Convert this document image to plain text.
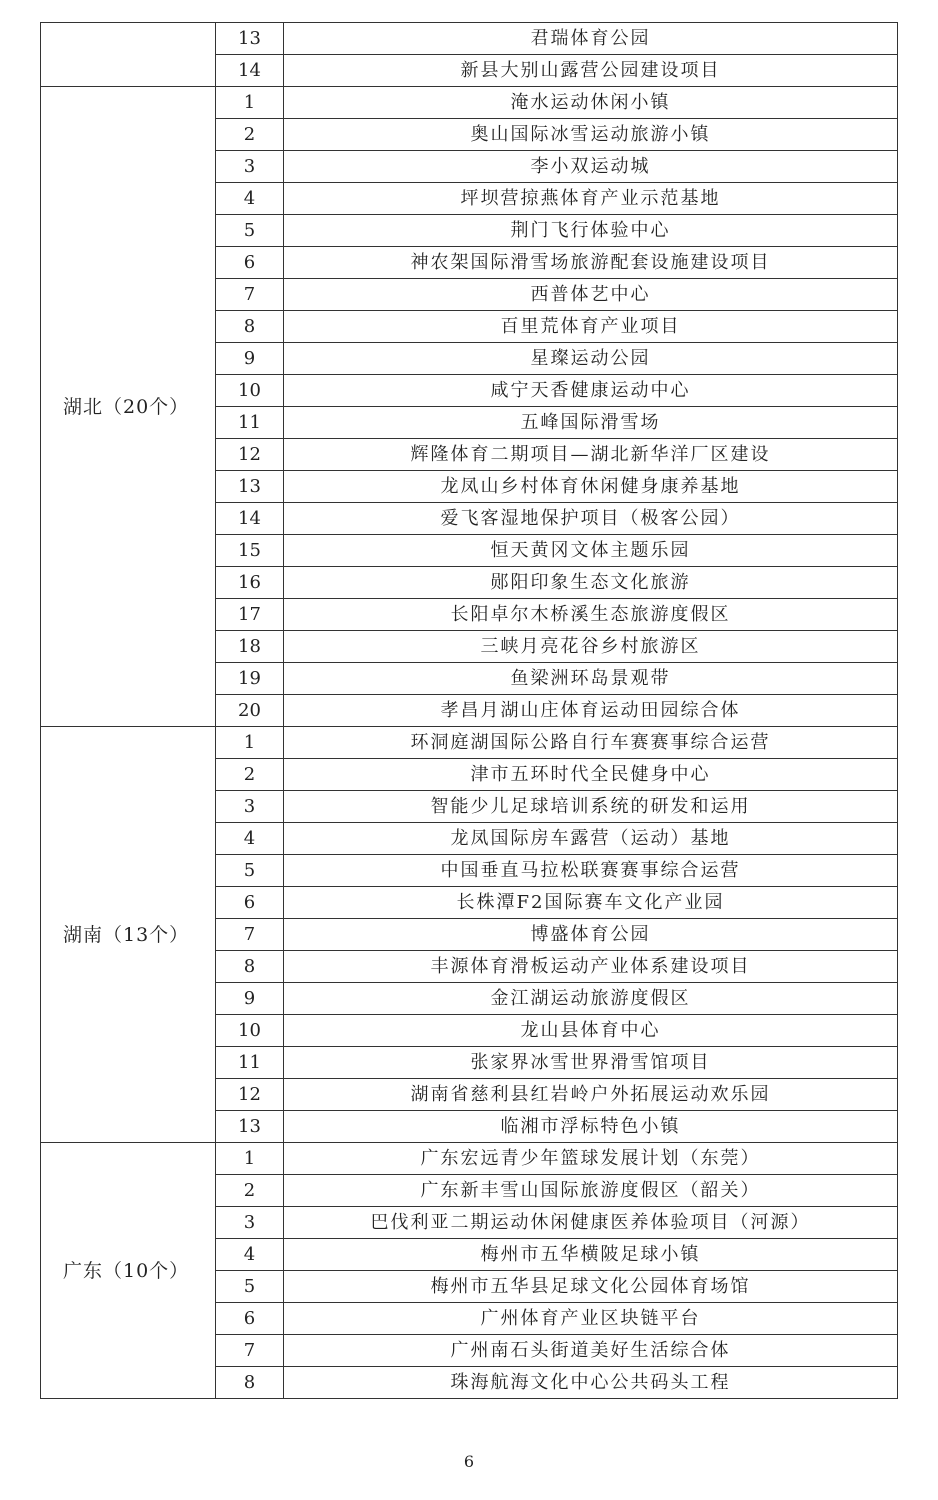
	13	君瑞体育公园
	14	新县大别山露营公园建设项目
湖北（20个）	1	淹水运动休闲小镇
	2	奥山国际冰雪运动旅游小镇
	3	李小双运动城
	4	坪坝营掠燕体育产业示范基地
	5	荆门飞行体验中心
	6	神农架国际滑雪场旅游配套设施建设项目
	7	西普体艺中心
	8	百里荒体育产业项目
	9	星璨运动公园
	10	咸宁天香健康运动中心
	11	五峰国际滑雪场
	12	辉隆体育二期项目—湖北新华洋厂区建设
	13	龙凤山乡村体育休闲健身康养基地
	14	爱飞客湿地保护项目（极客公园）
	15	恒天黄冈文体主题乐园
	16	郧阳印象生态文化旅游
	17	长阳卓尔木桥溪生态旅游度假区
	18	三峡月亮花谷乡村旅游区
	19	鱼梁洲环岛景观带
	20	孝昌月湖山庄体育运动田园综合体
湖南（13个）	1	环洞庭湖国际公路自行车赛赛事综合运营
	2	津市五环时代全民健身中心
	3	智能少儿足球培训系统的研发和运用
	4	龙凤国际房车露营（运动）基地
	5	中国垂直马拉松联赛赛事综合运营
	6	长株潭F2国际赛车文化产业园
	7	博盛体育公园
	8	丰源体育滑板运动产业体系建设项目
	9	金江湖运动旅游度假区
	10	龙山县体育中心
	11	张家界冰雪世界滑雪馆项目
	12	湖南省慈利县红岩岭户外拓展运动欢乐园
	13	临湘市浮标特色小镇
广东（10个）	1	广东宏远青少年篮球发展计划（东莞）
	2	广东新丰雪山国际旅游度假区（韶关）
	3	巴伐利亚二期运动休闲健康医养体验项目（河源）
	4	梅州市五华横陂足球小镇
	5	梅州市五华县足球文化公园体育场馆
	6	广州体育产业区块链平台
	7	广州南石头街道美好生活综合体
	8	珠海航海文化中心公共码头工程
6
